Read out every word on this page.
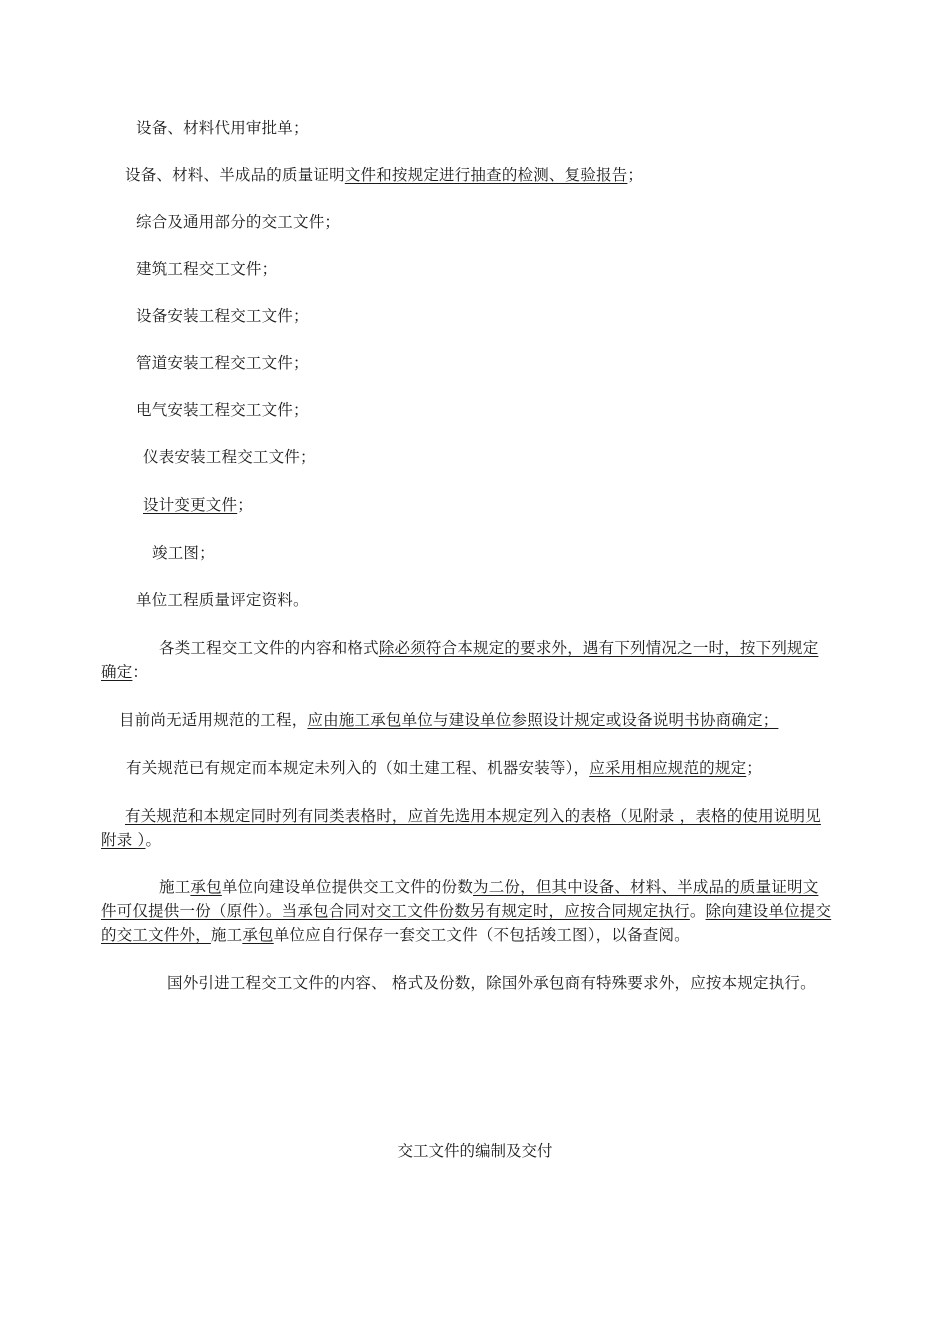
设备、材料代用审批单；
设备、材料、半成品的质量证明文件和按规定进行抽查的检测、复验报告；
综合及通用部分的交工文件；
建筑工程交工文件；
设备安装工程交工文件；
管道安装工程交工文件；
电气安装工程交工文件；
仪表安装工程交工文件；
设计变更文件；
竣工图；
单位工程质量评定资料。
各类工程交工文件的内容和格式除必须符合本规定的要求外，遇有下列情况之一时，按下列规定确定：
目前尚无适用规范的工程，应由施工承包单位与建设单位参照设计规定或设备说明书协商确定；
有关规范已有规定而本规定未列入的（如土建工程、机器安装等），应采用相应规范的规定；
有关规范和本规定同时列有同类表格时，应首先选用本规定列入的表格（见附录 ，表格的使用说明见附录 ）。
施工承包单位向建设单位提供交工文件的份数为二份，但其中设备、材料、半成品的质量证明文件可仅提供一份（原件）。当承包合同对交工文件份数另有规定时，应按合同规定执行。除向建设单位提交的交工文件外，施工承包单位应自行保存一套交工文件（不包括竣工图），以备查阅。
国外引进工程交工文件的内容、 格式及份数，除国外承包商有特殊要求外，应按本规定执行。
交工文件的编制及交付
